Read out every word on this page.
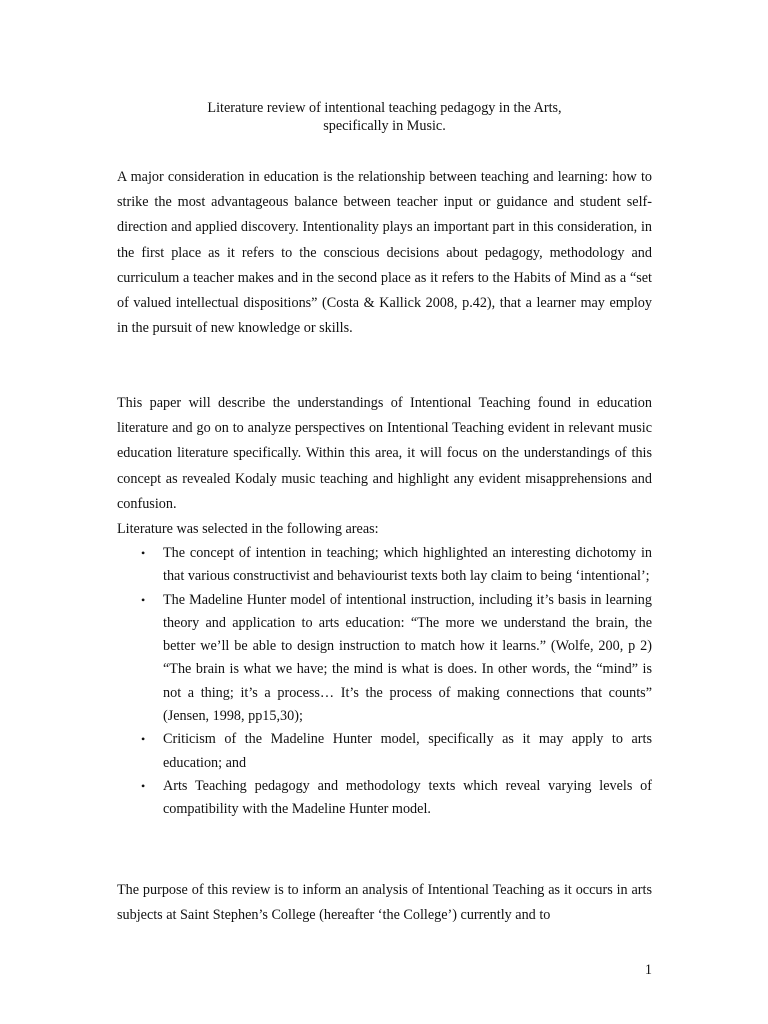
Literature review of intentional teaching pedagogy in the Arts,
specifically in Music.

A major consideration in education is the relationship between teaching and learning: how to strike the most advantageous balance between teacher input or guidance and student self-direction and applied discovery. Intentionality plays an important part in this consideration, in the first place as it refers to the conscious decisions about pedagogy, methodology and curriculum a teacher makes and in the second place as it refers to the Habits of Mind as a “set of valued intellectual dispositions” (Costa & Kallick 2008, p.42), that a learner may employ in the pursuit of new knowledge or skills.

This paper will describe the understandings of Intentional Teaching found in education literature and go on to analyze perspectives on Intentional Teaching evident in relevant music education literature specifically. Within this area, it will focus on the understandings of this concept as revealed Kodaly music teaching and highlight any evident misapprehensions and confusion.

Literature was selected in the following areas:

• The concept of intention in teaching; which highlighted an interesting dichotomy in that various constructivist and behaviourist texts both lay claim to being ‘intentional’;
• The Madeline Hunter model of intentional instruction, including it’s basis in learning theory and application to arts education: “The more we understand the brain, the better we’ll be able to design instruction to match how it learns.” (Wolfe, 200, p 2) “The brain is what we have; the mind is what is does. In other words, the “mind” is not a thing; it’s a process… It’s the process of making connections that counts” (Jensen, 1998, pp15,30);
• Criticism of the Madeline Hunter model, specifically as it may apply to arts education; and
• Arts Teaching pedagogy and methodology texts which reveal varying levels of compatibility with the Madeline Hunter model.

The purpose of this review is to inform an analysis of Intentional Teaching as it occurs in arts subjects at Saint Stephen’s College (hereafter ‘the College’) currently and to

1
